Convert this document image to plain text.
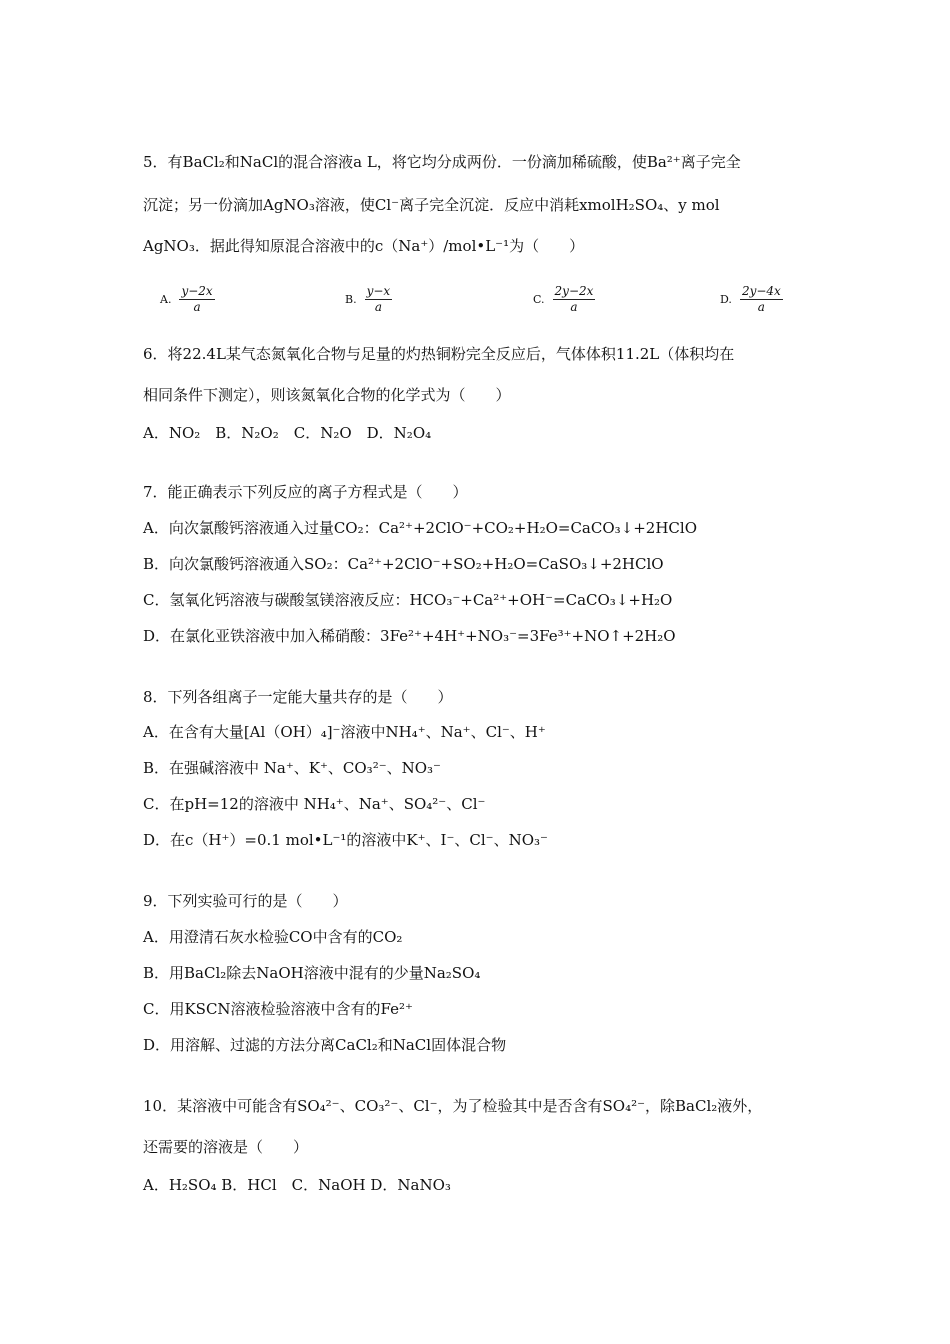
5．有BaCl₂和NaCl的混合溶液a L，将它均分成两份．一份滴加稀硫酸，使Ba²⁺离子完全
沉淀；另一份滴加AgNO₃溶液，使Cl⁻离子完全沉淀．反应中消耗xmolH₂SO₄、y mol
AgNO₃．据此得知原混合溶液中的c（Na⁺）/mol•L⁻¹为（　　）
A. $\frac{y-2x}{a}$	B. $\frac{y-x}{a}$	C. $\frac{2y-2x}{a}$	D. $\frac{2y-4x}{a}$
6．将22.4L某气态氮氧化合物与足量的灼热铜粉完全反应后，气体体积11.2L（体积均在
相同条件下测定），则该氮氧化合物的化学式为（　　）
A．NO₂　B．N₂O₂　C．N₂O　D．N₂O₄
7．能正确表示下列反应的离子方程式是（　　）
A．向次氯酸钙溶液通入过量CO₂：Ca²⁺+2ClO⁻+CO₂+H₂O=CaCO₃↓+2HClO
B．向次氯酸钙溶液通入SO₂：Ca²⁺+2ClO⁻+SO₂+H₂O=CaSO₃↓+2HClO
C．氢氧化钙溶液与碳酸氢镁溶液反应：HCO₃⁻+Ca²⁺+OH⁻=CaCO₃↓+H₂O
D．在氯化亚铁溶液中加入稀硝酸：3Fe²⁺+4H⁺+NO₃⁻=3Fe³⁺+NO↑+2H₂O
8．下列各组离子一定能大量共存的是（　　）
A．在含有大量[Al（OH）₄]⁻溶液中NH₄⁺、Na⁺、Cl⁻、H⁺
B．在强碱溶液中 Na⁺、K⁺、CO₃²⁻、NO₃⁻
C．在pH=12的溶液中 NH₄⁺、Na⁺、SO₄²⁻、Cl⁻
D．在c（H⁺）=0.1 mol•L⁻¹的溶液中K⁺、I⁻、Cl⁻、NO₃⁻
9．下列实验可行的是（　　）
A．用澄清石灰水检验CO中含有的CO₂
B．用BaCl₂除去NaOH溶液中混有的少量Na₂SO₄
C．用KSCN溶液检验溶液中含有的Fe²⁺
D．用溶解、过滤的方法分离CaCl₂和NaCl固体混合物
10．某溶液中可能含有SO₄²⁻、CO₃²⁻、Cl⁻，为了检验其中是否含有SO₄²⁻，除BaCl₂液外，
还需要的溶液是（　　）
A．H₂SO₄ B．HCl　C．NaOH D．NaNO₃
